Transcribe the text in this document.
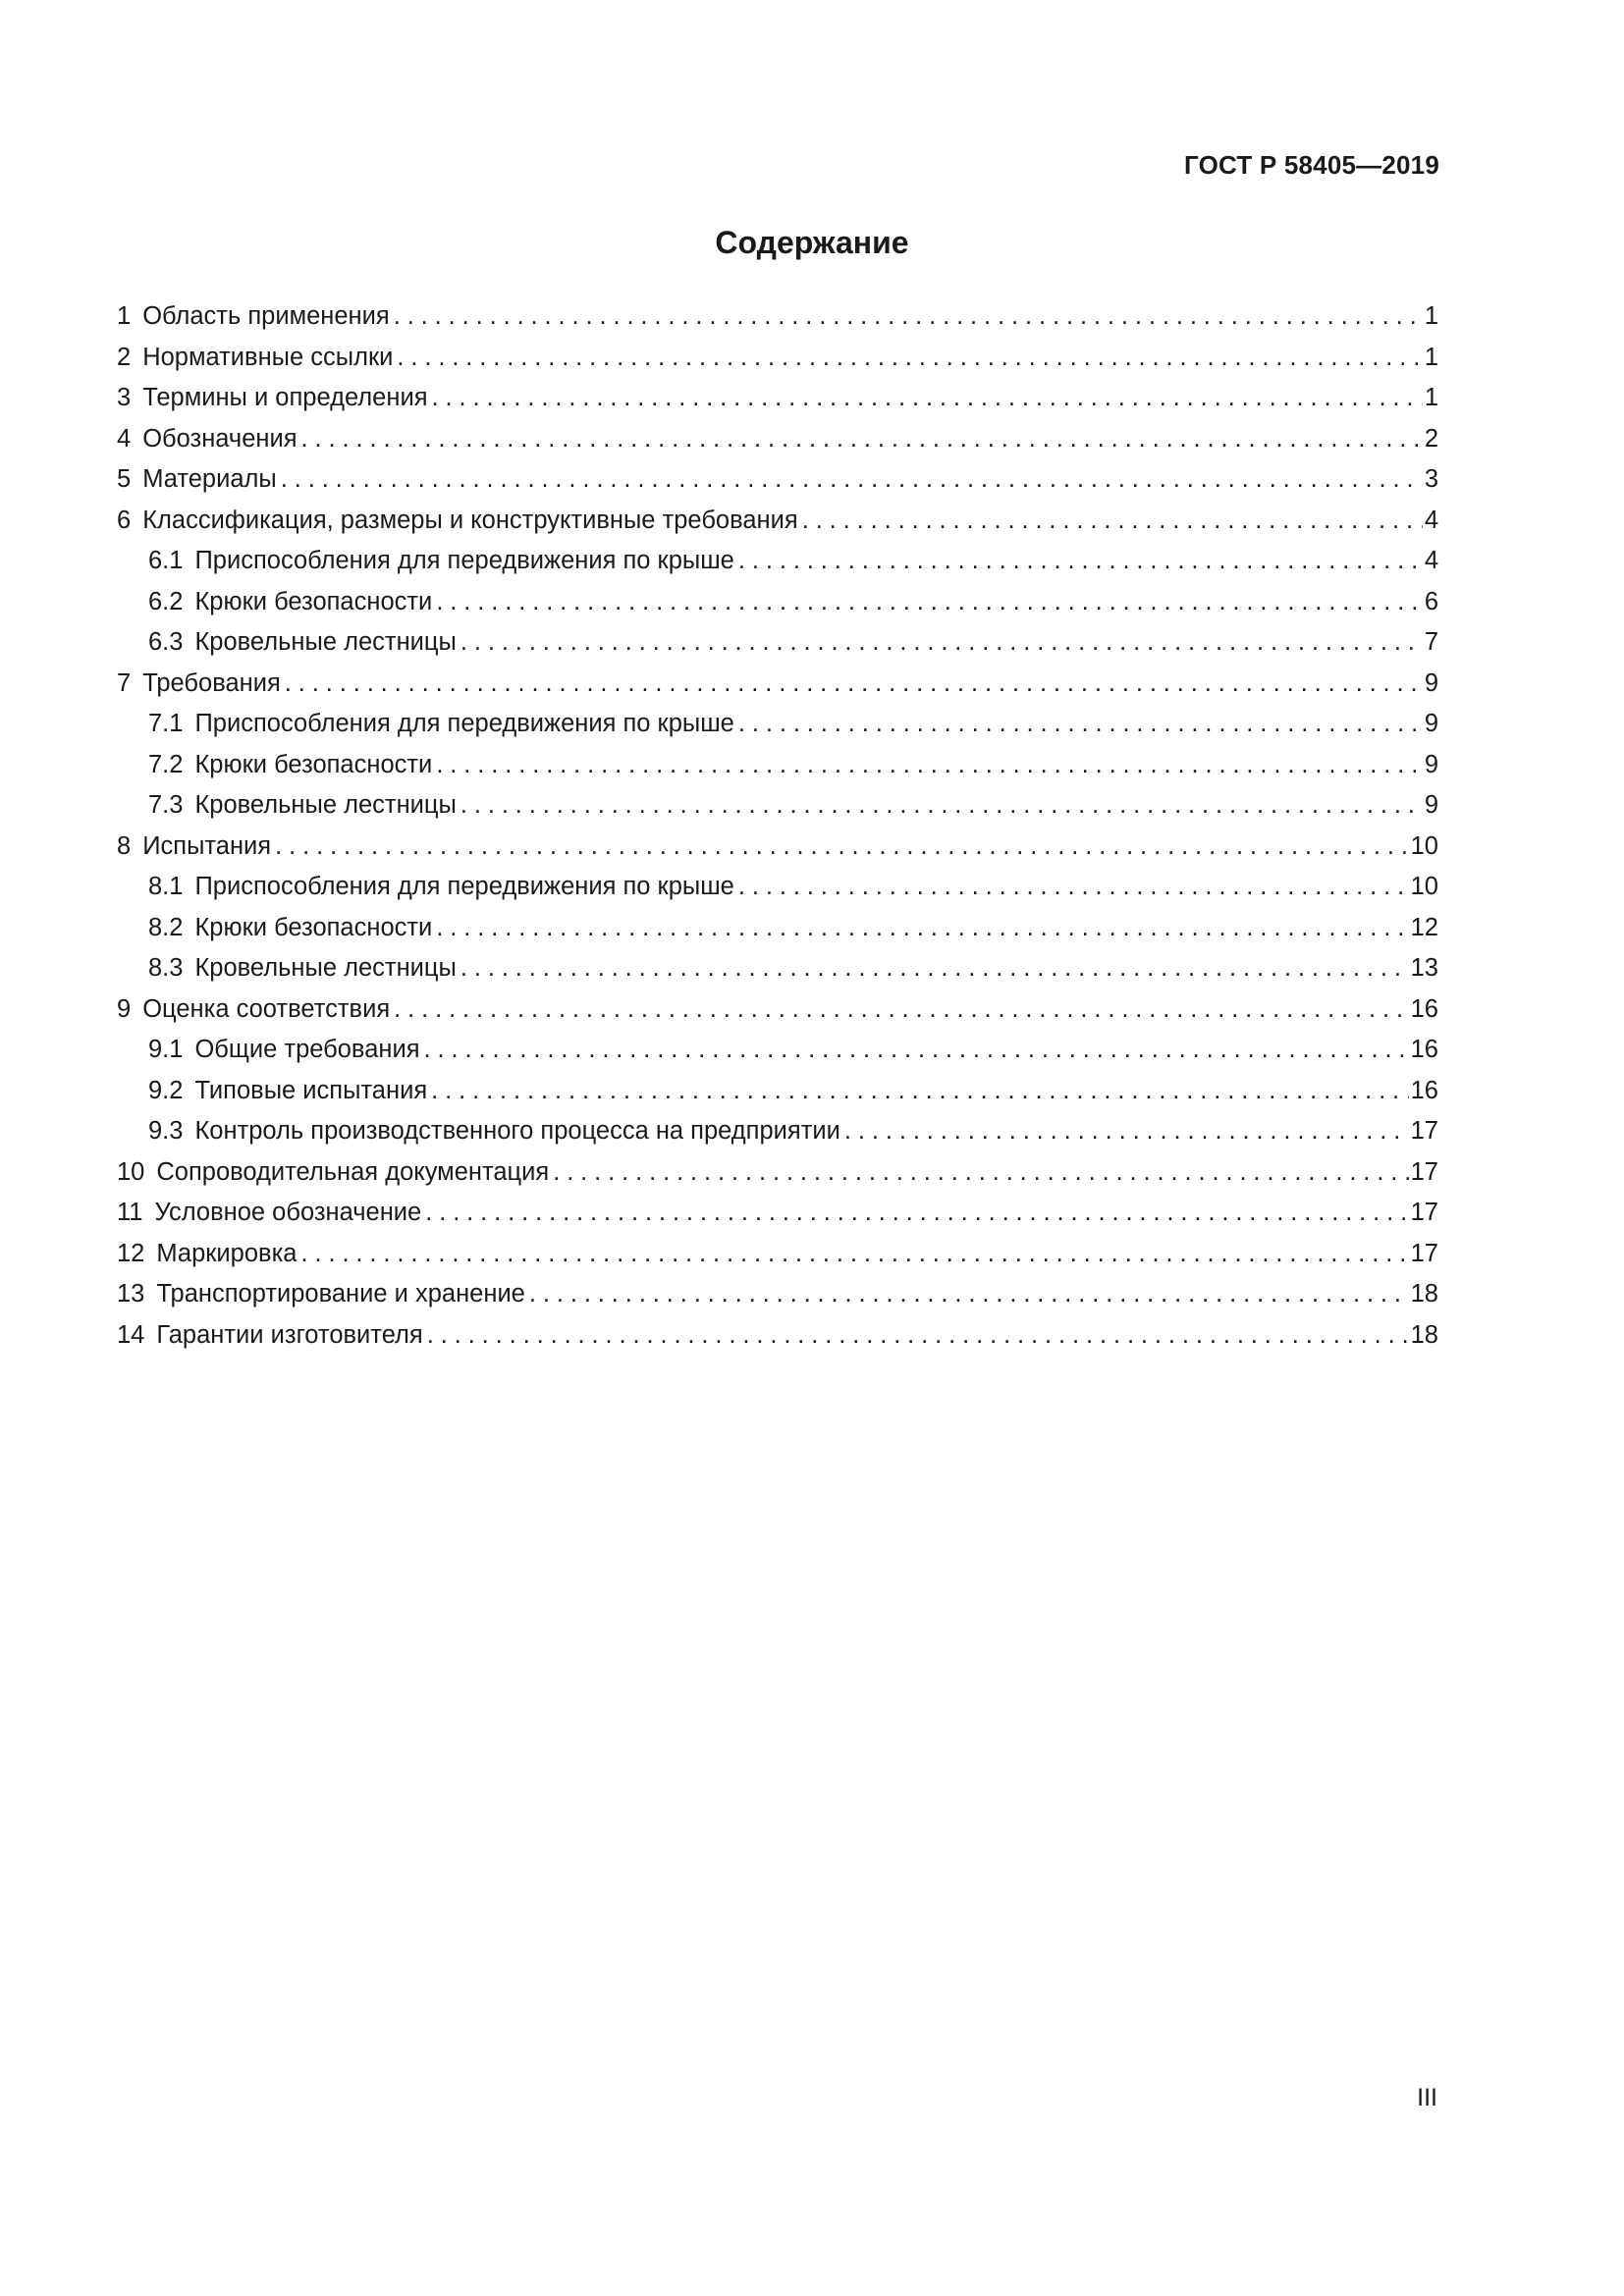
ГОСТ Р 58405—2019
Содержание
1 Область применения .....	1
2 Нормативные ссылки .....	1
3 Термины и определения .....	1
4 Обозначения .....	2
5 Материалы .....	3
6 Классификация, размеры и конструктивные требования .....	4
6.1 Приспособления для передвижения по крыше .....	4
6.2 Крюки безопасности .....	6
6.3 Кровельные лестницы .....	7
7 Требования .....	9
7.1 Приспособления для передвижения по крыше .....	9
7.2 Крюки безопасности .....	9
7.3 Кровельные лестницы .....	9
8 Испытания .....	10
8.1 Приспособления для передвижения по крыше .....	10
8.2 Крюки безопасности .....	12
8.3 Кровельные лестницы .....	13
9 Оценка соответствия .....	16
9.1 Общие требования .....	16
9.2 Типовые испытания .....	16
9.3 Контроль производственного процесса на предприятии .....	17
10 Сопроводительная документация .....	17
11 Условное обозначение .....	17
12 Маркировка .....	17
13 Транспортирование и хранение .....	18
14 Гарантии изготовителя .....	18
III
